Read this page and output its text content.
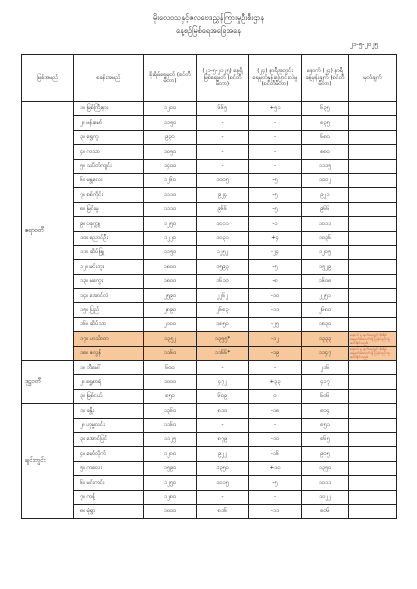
မိုးလေဝသနှင့်ဇလဗေဒညွှန်ကြားမှုဦးစီးဌာန
နေ့စဉ်မြစ်ရေအခြေအနေ
၂၁-၅-၂၀၂၅
မြစ်အမည်	စခန်းအမည်	စိုးရိမ်ရေမှတ် (စင်တီမီတာ)	(၂၁-၅-၂၀၂၅) နေ့ရှိ မြစ်ရေမှတ် (စင်တီမီတာ)	(၂၄) နာရီအတွင်း ရေမှတ်နှုန်းပြောင်းလဲမှု (စင်တီမီတာ)	နောက် (၂၄) နာရီ ခန့်မှန်းချက် (စင်တီမီတာ)	မှတ်ချက်
ဧရာဝတီ	၁။ မြစ်ကြီးနား	၁၂၀၀	၆၆၅	+၅၁	၆၃၅	
	၂။ ဗန်းမော်	၁၁၅၀	-	-	၈၃၅	
	၃။ ရွှေကူ	၉၃၀	-	-	၆၈၀	
	၄။ ကသာ	၁၀၅၀	-	-	၈၈၀	
	၅။ သပိတ်ကျင်း	၁၄၀၀	-	-	၁၁၁၅	
	၆။ မန္တလေး	၁၂၆၀	၁၀၀၅	-၅	၁၀၀၂	
	၇။ စစ်ကိုင်း	၁၁၁၀	၉၂၄	-၅	၉၂၁	
	၈။ မြင်းမူ	၁၁၁၀	၉၆၆	-၅	၉၆၆	
	၉။ ပခုက္ကူ	၁၂၅၀	၁၀၁၁	-၁	၁၀၁၁	
	၁၀။ ညောင်ဦး	၁၂၂၀	၁၀၃၁	+၄	၁၀၃၆	
	၁၁။ ဆိပ်ဖြူ	၁၁၅၀	၁၂၅၂	-၂၄	၁၂၀၅	
	၁၂။ မင်းဘူး	၁၈၀၀	၁၅၉၃	-၅	၁၅၂၉	
	၁၃။ မကွေး	၁၈၀၀	၁၆၁၀	-၈	၁၆၀၈	
	၁၄။ အောင်လံ	၂၅၉၀	၂၂၆၂	-၁၀	၂၂၅၁	
	၁၅။ ပြည်	၂၈၉၀	၂၆၈၃	-၁၁	၂၆၈၀	
	၁၆။ ဆိပ်သာ	၂၁၀၀	၁၈၅၀	-၂၅	၁၈၃၀	
	၁၇။ ဟင်္သာတ	၁၃၅၂	၁၃၅၅*	-၁၂	၁၃၃၃	နောက် ၅ ရက်အတွင်း စိုးရိမ်ရေမှတ်အောက်သို့ ပြန်လည်ကျဆင်းနိုင်သည်။
	၁၈။ ဇလွန်	၁၁၆၀	၁၁၆၆*	-၁၉	၁၁၄၇	နောက် ၅ ရက်အတွင်း စိုးရိမ်ရေမှတ်အောက်သို့ ပြန်လည်ကျဆင်းနိုင်သည်။
ဒုဋ္ဌဝတီ	၁။ ဘီမေါ်	၆၀၀	-	-	၂၁၆	
	၂။ ရွှေစာရံ	၁၀၀၀	၄၇၂	+၃၃	၄၁၇	
	၃။ မြစ်ငယ်	၈၅၀	၆၀၉	၀	၆၀၆	
ချင်းတွင်း	၁။ ခန္တီး	၁၃၆၀	၈၁၀	-၁၈	၈၀၄	
	၂။ ဟုမ္မလင်း	၁၁၆၀	-	-	၈၅၁	
	၃။ အောင်ပြင်	၁၁၂၅	၈၇၉	-၁၀	၈၆၅	
	၄။ မော်လိုက်	၁၂၀၀	၉၂၂	-၁၆	၉၀၅	
	၅။ ကလေး	၁၅၉၀	၁၃၅၀	+၁၀	၁၃၅၀	
	၆။ မင်းကင်း	၁၂၅၀	၁၀၁၅	-၅	၁၀၁၁	
	၇။ ကန့်	၁၂၈၀	-	-	၁၀၂၂	
	၈။ မုံရွာ	၁၀၀၀	၈၁၆	-၁၁	၈၀၆	
